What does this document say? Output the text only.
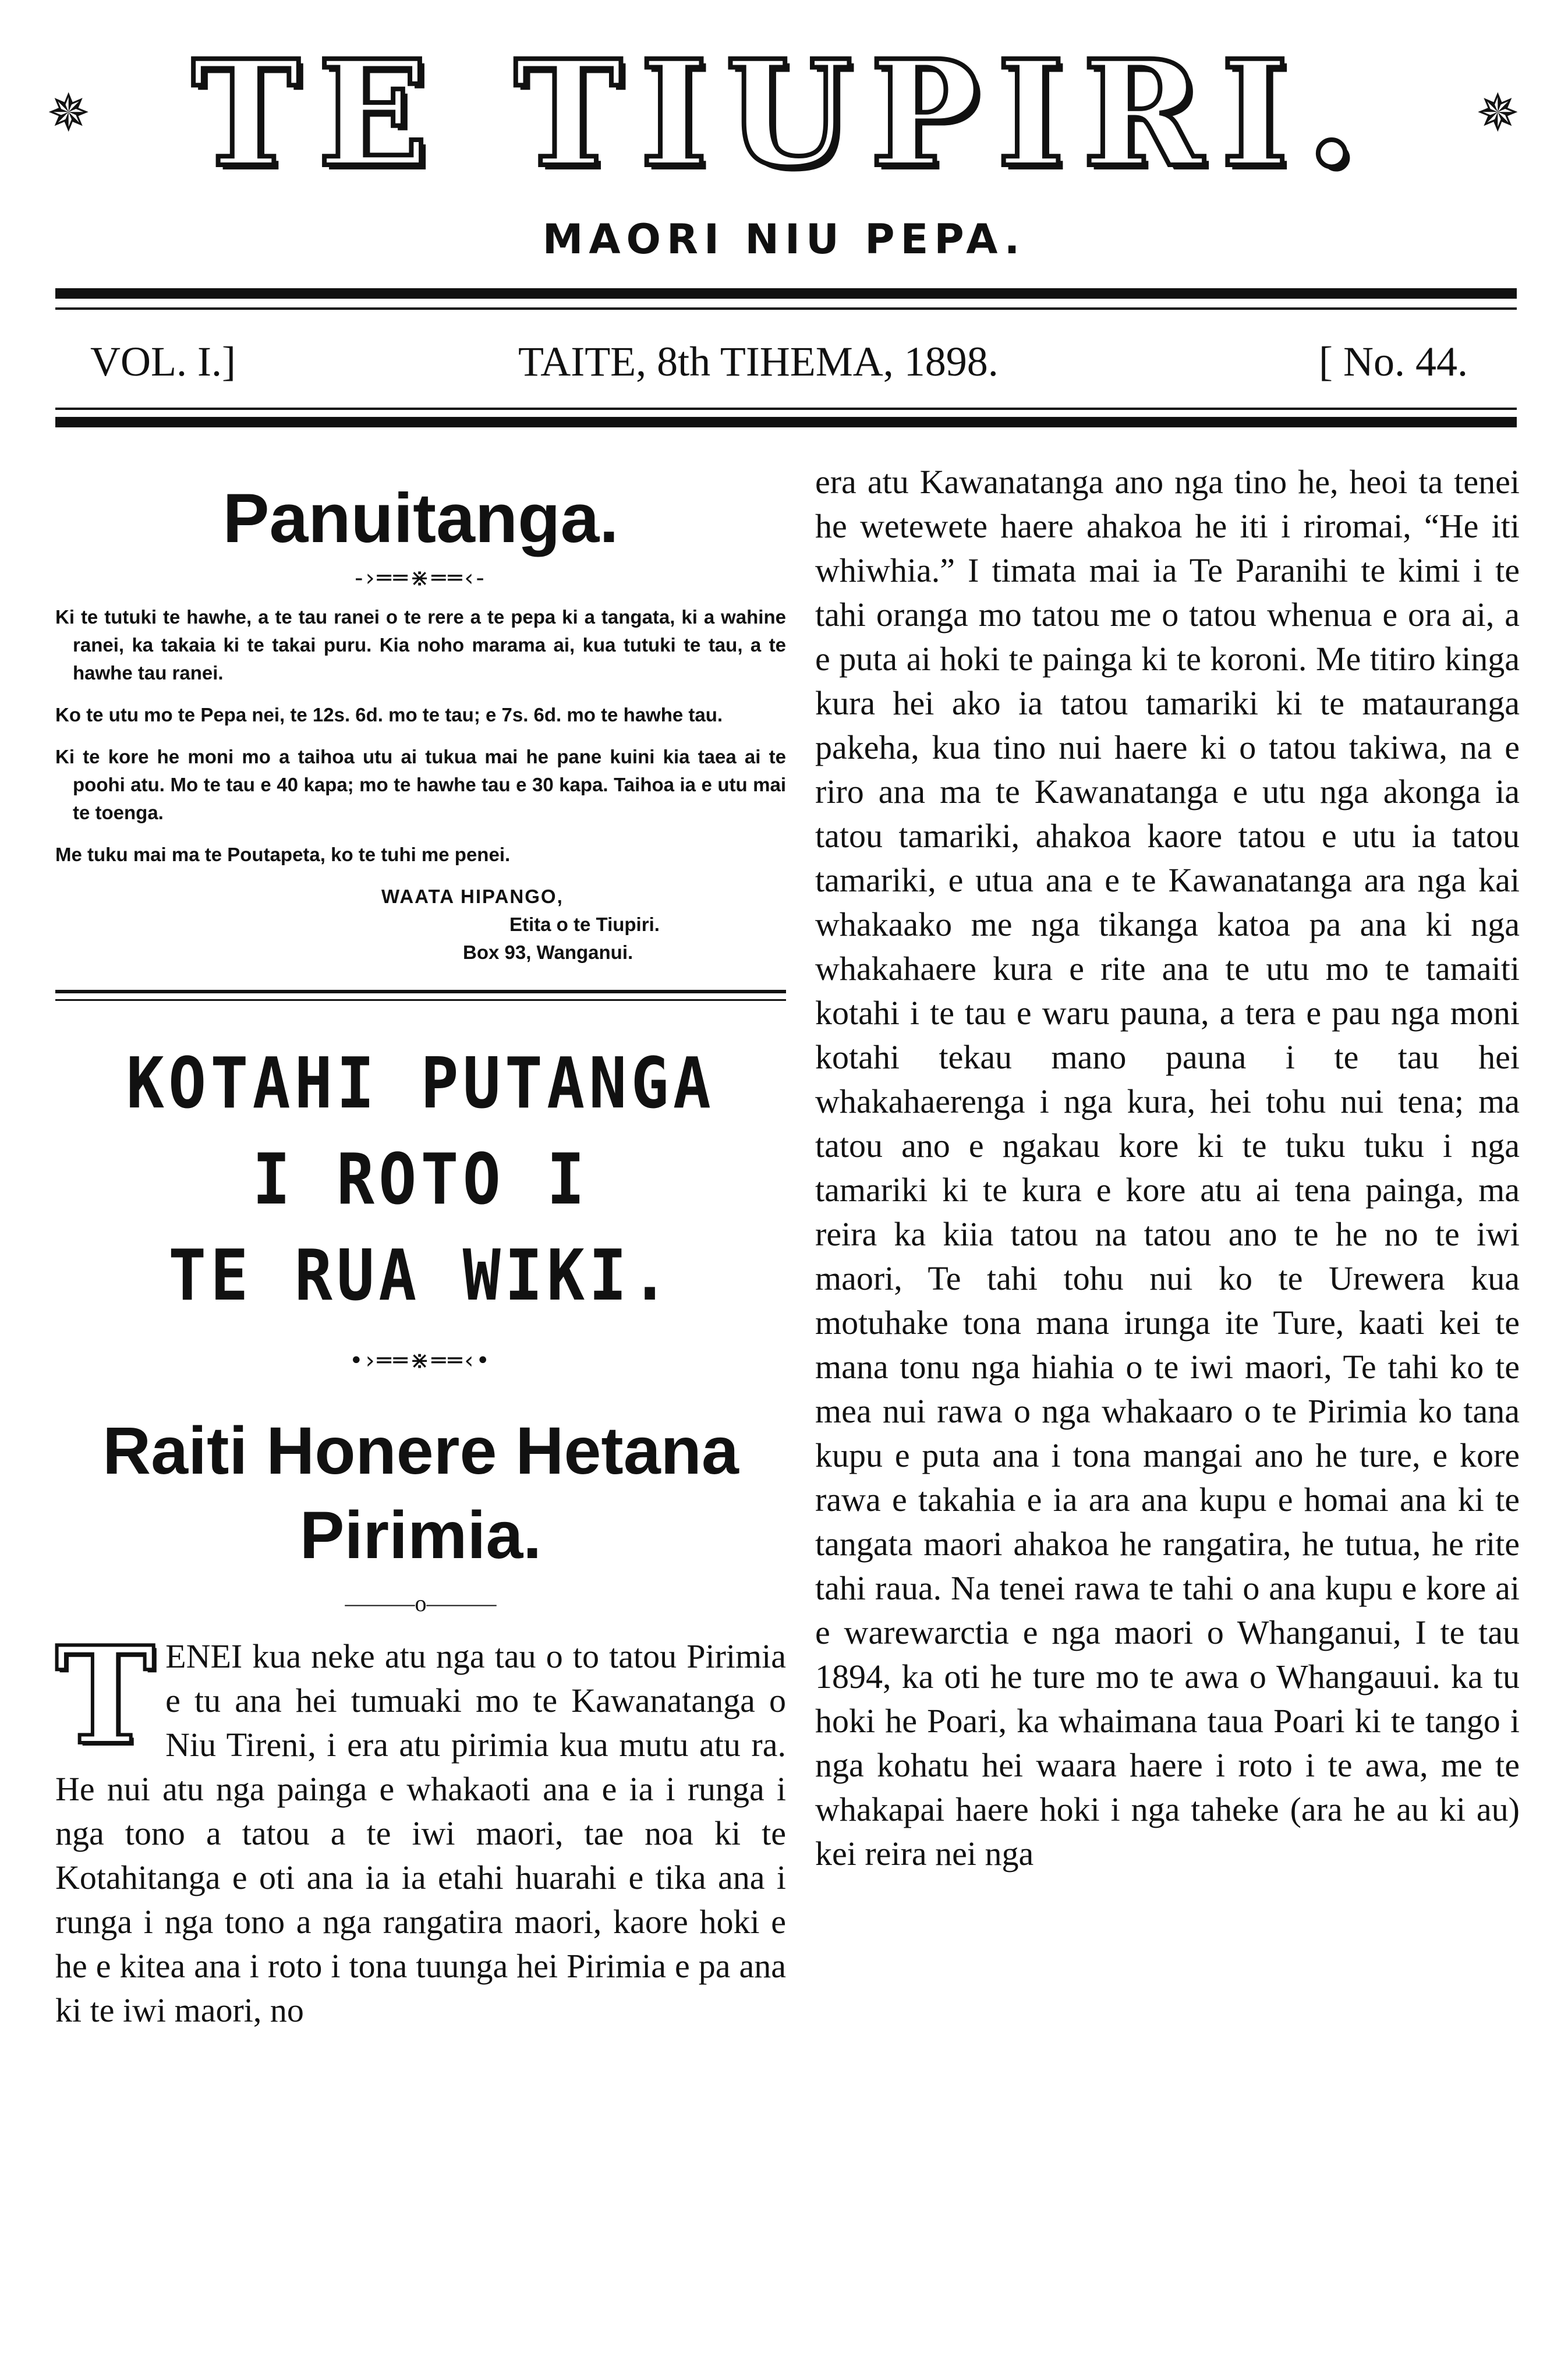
✵ TE TIUPIRI. ✵
MAORI NIU PEPA.
VOL. I.]	TAITE, 8th TIHEMA, 1898.	[ No. 44.
Panuitanga.
-›══⋇══‹-

Ki te tutuki te hawhe, a te tau ranei o te rere a te pepa ki a tangata, ki a wahine ranei, ka takaia ki te takai puru. Kia noho marama ai, kua tutuki te tau, a te hawhe tau ranei.

Ko te utu mo te Pepa nei, te 12s. 6d. mo te tau; e 7s. 6d. mo te hawhe tau.

Ki te kore he moni mo a taihoa utu ai tukua mai he pane kuini kia taea ai te poohi atu. Mo te tau e 40 kapa; mo te hawhe tau e 30 kapa. Taihoa ia e utu mai te toenga.

Me tuku mai ma te Poutapeta, ko te tuhi me penei.

WAATA HIPANGO,
Etita o te Tiupiri.
Box 93, Wanganui.
KOTAHI PUTANGA I ROTO I
TE RUA WIKI.
•›══⋇══‹•
Raiti Honere Hetana
Pirimia.
———o———

TENEI kua neke atu nga tau o to tatou Pirimia e tu ana hei tumuaki mo te Kawanatanga o Niu Tireni, i era atu pirimia kua mutu atu ra. He nui atu nga painga e whakaoti ana e ia i runga i nga tono a tatou a te iwi maori, tae noa ki te Kotahitanga e oti ana ia ia etahi huarahi e tika ana i runga i nga tono a nga rangatira maori, kaore hoki e he e kitea ana i roto i tona tuunga hei Pirimia e pa ana ki te iwi maori, no

era atu Kawanatanga ano nga tino he, heoi ta tenei he wetewete haere ahakoa he iti i riromai, “He iti whiwhia.” I timata mai ia Te Paranihi te kimi i te tahi oranga mo tatou me o tatou whenua e ora ai, a e puta ai hoki te painga ki te koroni. Me titiro kinga kura hei ako ia tatou tamariki ki te matauranga pakeha, kua tino nui haere ki o tatou takiwa, na e riro ana ma te Kawanatanga e utu nga akonga ia tatou tamariki, ahakoa kaore tatou e utu ia tatou tamariki, e utua ana e te Kawanatanga ara nga kai whakaako me nga tikanga katoa pa ana ki nga whakahaere kura e rite ana te utu mo te tamaiti kotahi i te tau e waru pauna, a tera e pau nga moni kotahi tekau mano pauna i te tau hei whakahaerenga i nga kura, hei tohu nui tena; ma tatou ano e ngakau kore ki te tuku tuku i nga tamariki ki te kura e kore atu ai tena painga, ma reira ka kiia tatou na tatou ano te he no te iwi maori, Te tahi tohu nui ko te Urewera kua motuhake tona mana irunga ite Ture, kaati kei te mana tonu nga hiahia o te iwi maori, Te tahi ko te mea nui rawa o nga whakaaro o te Pirimia ko tana kupu e puta ana i tona mangai ano he ture, e kore rawa e takahia e ia ara ana kupu e homai ana ki te tangata maori ahakoa he rangatira, he tutua, he rite tahi raua. Na tenei rawa te tahi o ana kupu e kore ai e warewarctia e nga maori o Whanganui, I te tau 1894, ka oti he ture mo te awa o Whangauui. ka tu hoki he Poari, ka whaimana taua Poari ki te tango i nga kohatu hei waara haere i roto i te awa, me te whakapai haere hoki i nga taheke (ara he au ki au) kei reira nei nga
